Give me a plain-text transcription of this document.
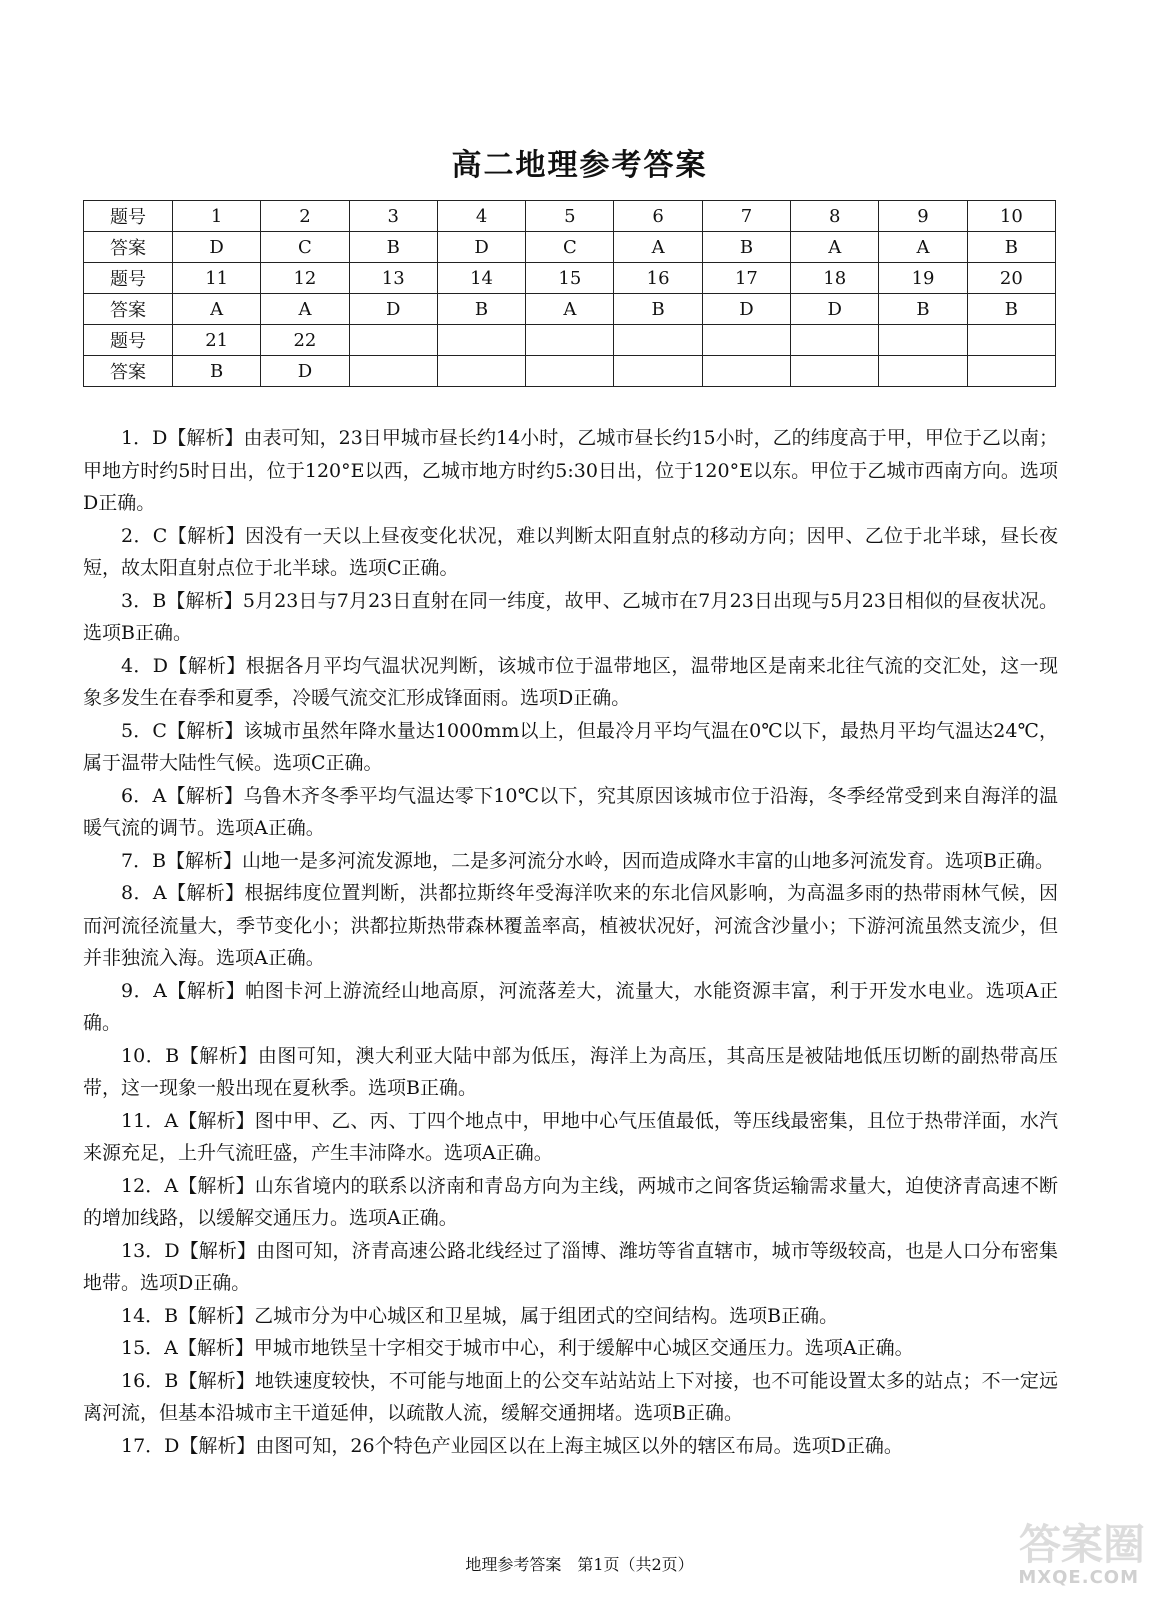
高二地理参考答案
题号	1	2	3	4	5	6	7	8	9	10
答案	D	C	B	D	C	A	B	A	A	B
题号	11	12	13	14	15	16	17	18	19	20
答案	A	A	D	B	A	B	D	D	B	B
题号	21	22								
答案	B	D								

1．D【解析】由表可知，23日甲城市昼长约14小时，乙城市昼长约15小时，乙的纬度高于甲，甲位于乙以南；甲地方时约5时日出，位于120°E以西，乙城市地方时约5:30日出，位于120°E以东。甲位于乙城市西南方向。选项D正确。

2．C【解析】因没有一天以上昼夜变化状况，难以判断太阳直射点的移动方向；因甲、乙位于北半球，昼长夜短，故太阳直射点位于北半球。选项C正确。

3．B【解析】5月23日与7月23日直射在同一纬度，故甲、乙城市在7月23日出现与5月23日相似的昼夜状况。选项B正确。

4．D【解析】根据各月平均气温状况判断，该城市位于温带地区，温带地区是南来北往气流的交汇处，这一现象多发生在春季和夏季，冷暖气流交汇形成锋面雨。选项D正确。

5．C【解析】该城市虽然年降水量达1000mm以上，但最冷月平均气温在0℃以下，最热月平均气温达24℃，属于温带大陆性气候。选项C正确。

6．A【解析】乌鲁木齐冬季平均气温达零下10℃以下，究其原因该城市位于沿海，冬季经常受到来自海洋的温暖气流的调节。选项A正确。

7．B【解析】山地一是多河流发源地，二是多河流分水岭，因而造成降水丰富的山地多河流发育。选项B正确。

8．A【解析】根据纬度位置判断，洪都拉斯终年受海洋吹来的东北信风影响，为高温多雨的热带雨林气候，因而河流径流量大，季节变化小；洪都拉斯热带森林覆盖率高，植被状况好，河流含沙量小；下游河流虽然支流少，但并非独流入海。选项A正确。

9．A【解析】帕图卡河上游流经山地高原，河流落差大，流量大，水能资源丰富，利于开发水电业。选项A正确。

10．B【解析】由图可知，澳大利亚大陆中部为低压，海洋上为高压，其高压是被陆地低压切断的副热带高压带，这一现象一般出现在夏秋季。选项B正确。

11．A【解析】图中甲、乙、丙、丁四个地点中，甲地中心气压值最低，等压线最密集，且位于热带洋面，水汽来源充足，上升气流旺盛，产生丰沛降水。选项A正确。

12．A【解析】山东省境内的联系以济南和青岛方向为主线，两城市之间客货运输需求量大，迫使济青高速不断的增加线路，以缓解交通压力。选项A正确。

13．D【解析】由图可知，济青高速公路北线经过了淄博、潍坊等省直辖市，城市等级较高，也是人口分布密集地带。选项D正确。

14．B【解析】乙城市分为中心城区和卫星城，属于组团式的空间结构。选项B正确。

15．A【解析】甲城市地铁呈十字相交于城市中心，利于缓解中心城区交通压力。选项A正确。

16．B【解析】地铁速度较快，不可能与地面上的公交车站站站上下对接，也不可能设置太多的站点；不一定远离河流，但基本沿城市主干道延伸，以疏散人流，缓解交通拥堵。选项B正确。

17．D【解析】由图可知，26个特色产业园区以在上海主城区以外的辖区布局。选项D正确。

地理参考答案　第1页（共2页）	答案圈
MXQE.COM
